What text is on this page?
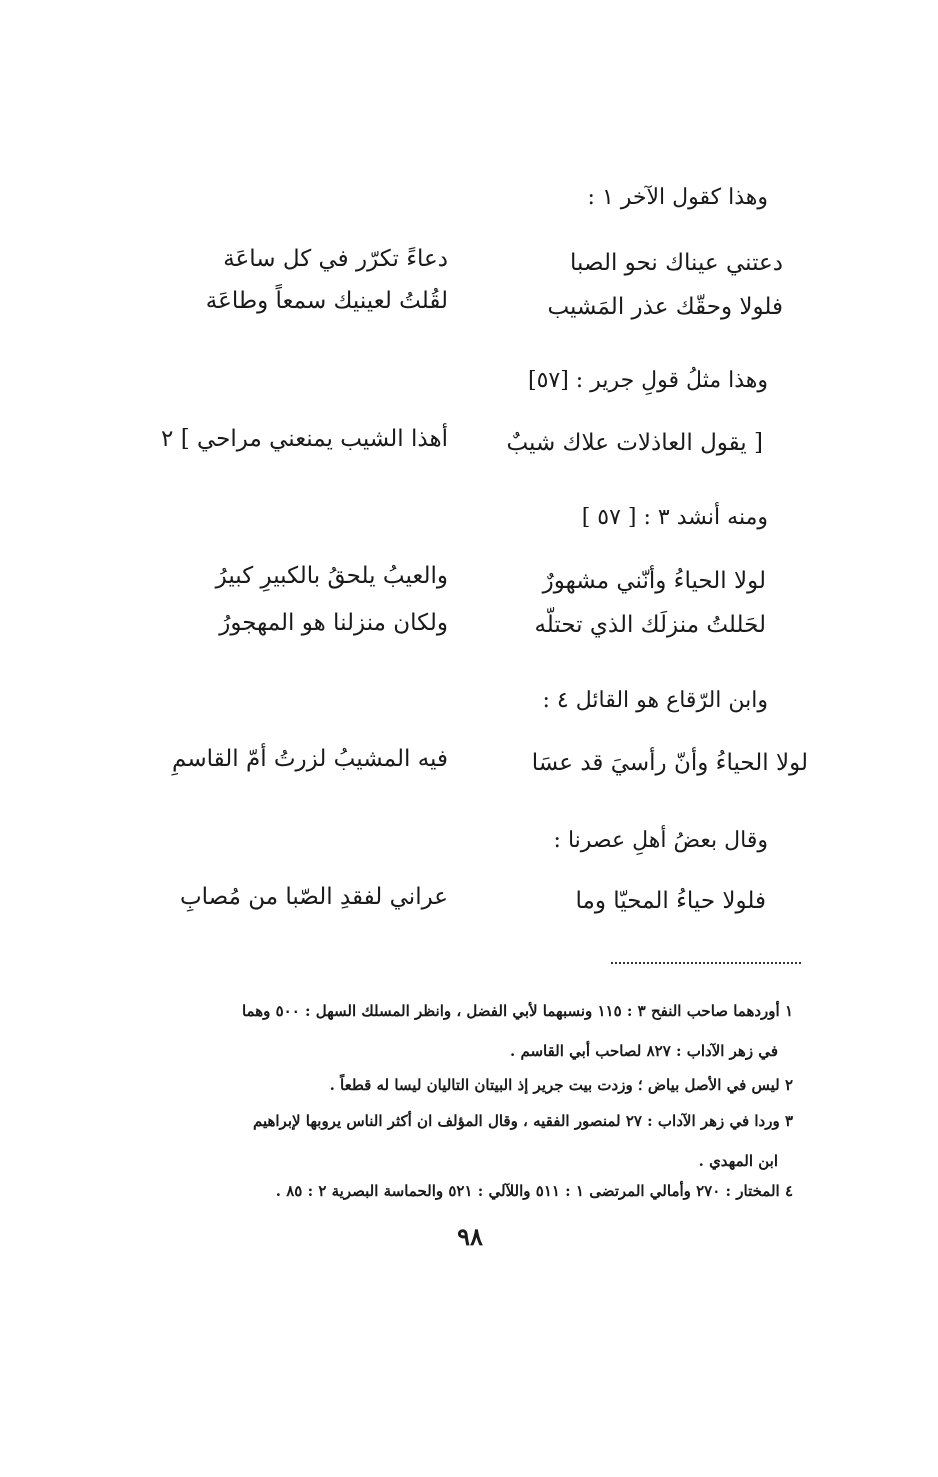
وهذا كقول الآخر ١ :
دعتني عيناك نحو الصبا
دعاءً تكرّر في كل ساعَة
فلولا وحقّك عذر المَشيب
لقُلتُ لعينيك سمعاً وطاعَة
وهذا مثلُ قولِ جرير : [٥٧]
[ يقول العاذلات علاك شيبٌ
أهذا الشيب يمنعني مراحي ] ٢
ومنه أنشد ٣ : [ ٥٧ ]
لولا الحياءُ وأنّني مشهورٌ
والعيبُ يلحقُ بالكبيرِ كبيرُ
لحَللتُ منزلَك الذي تحتلّه
ولكان منزلنا هو المهجورُ
وابن الرّقاع هو القائل ٤ :
لولا الحياءُ وأنّ رأسيَ قد عسَا
فيه المشيبُ لزرتُ أمّ القاسمِ
وقال بعضُ أهلِ عصرنا :
فلولا حياءُ المحيّا وما
عراني لفقدِ الصّبا من مُصابِ
١ أوردهما صاحب النفح ٣ : ١١٥ ونسبهما لأبي الفضل ، وانظر المسلك السهل : ٥٠٠ وهما
في زهر الآداب : ٨٢٧ لصاحب أبي القاسم .
٢ ليس في الأصل بياض ؛ وزدت بيت جرير إذ البيتان التاليان ليسا له قطعاً .
٣ وردا في زهر الآداب : ٢٧ لمنصور الفقيه ، وقال المؤلف ان أكثر الناس يروبها لإبراهيم
ابن المهدي .
٤ المختار : ٢٧٠ وأمالي المرتضى ١ : ٥١١ واللآلي : ٥٢١ والحماسة البصرية ٢ : ٨٥ .
٩٨
